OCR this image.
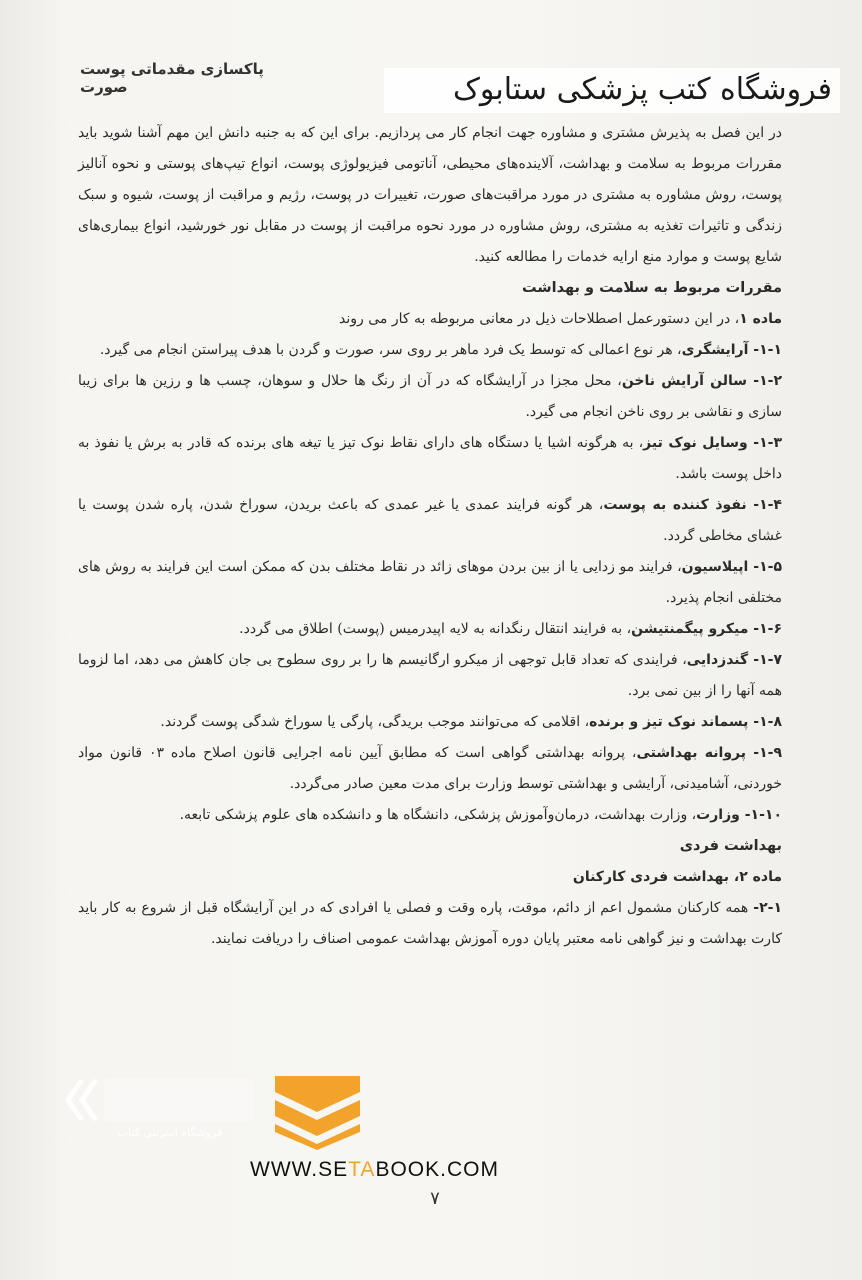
پاکسازی مقدماتی پوست صورت	فروشگاه کتب پزشکی ستابوک

در این فصل به پذیرش مشتری و مشاوره جهت انجام کار می پردازیم. برای این که به جنبه دانش این مهم آشنا شوید باید مقررات مربوط به سلامت و بهداشت، آلاینده‌های محیطی، آناتومی فیزیولوژی پوست، انواع تیپ‌های پوستی و نحوه آنالیز پوست، روش مشاوره به مشتری در مورد مراقبت‌های صورت، تغییرات در پوست، رژیم و مراقبت از پوست، شیوه و سبک زندگی و تاثیرات تغذیه به مشتری، روش مشاوره در مورد نحوه مراقبت از پوست در مقابل نور خورشید، انواع بیماری‌های شایع پوست و موارد منع ارایه خدمات را مطالعه کنید.

مقررات مربوط به سلامت و بهداشت

ماده ۱، در این دستورعمل اصطلاحات ذیل در معانی مربوطه به کار می روند

۱-۱- آرایشگری، هر نوع اعمالی که توسط یک فرد ماهر بر روی سر، صورت و گردن با هدف پیراستن انجام می گیرد.

۱-۲- سالن آرایش ناخن، محل مجزا در آرایشگاه که در آن از رنگ ها حلال و سوهان، چسب ها و رزین ها برای زیبا سازی و نقاشی بر روی ناخن انجام می گیرد.

۱-۳- وسایل نوک تیز، به هرگونه اشیا یا دستگاه های دارای نقاط نوک تیز یا تیغه های برنده که قادر به برش یا نفوذ به داخل پوست باشد.

۱-۴- نفوذ کننده به پوست، هر گونه فرایند عمدی یا غیر عمدی که باعث بریدن، سوراخ شدن، پاره شدن پوست یا غشای مخاطی گردد.

۱-۵- اپیلاسیون، فرایند مو زدایی یا از بین بردن موهای زائد در نقاط مختلف بدن که ممکن است این فرایند به روش های مختلفی انجام پذیرد.

۱-۶- میکرو پیگمنتیشن، به فرایند انتقال رنگدانه به لایه اپیدرمیس (پوست) اطلاق می گردد.

۱-۷- گندزدایی، فرایندی که تعداد قابل توجهی از میکرو ارگانیسم ها را بر روی سطوح بی جان کاهش می دهد، اما لزوما همه آنها را از بین نمی برد.

۱-۸- پسماند نوک تیز و برنده، اقلامی که می‌توانند موجب بریدگی، پارگی یا سوراخ شدگی پوست گردند.

۱-۹- پروانه بهداشتی، پروانه بهداشتی گواهی است که مطابق آیین نامه اجرایی قانون اصلاح ماده ۰۳ قانون مواد خوردنی، آشامیدنی، آرایشی و بهداشتی توسط وزارت برای مدت معین صادر می‌گردد.

۱-۱۰- وزارت، وزارت بهداشت، درمان‌وآموزش پزشکی، دانشگاه ها و دانشکده های علوم پزشکی تابعه.

بهداشت فردی

ماده ۲، بهداشت فردی کارکنان

۲-۱- همه کارکنان مشمول اعم از دائم، موقت، پاره وقت و فصلی یا افرادی که در این آرایشگاه قبل از شروع به کار باید کارت بهداشت و نیز گواهی نامه معتبر پایان دوره آموزش بهداشت عمومی اصناف را دریافت نمایند.

فروشگاه اینترنتی کتاب
WWW.SETABOOK.COM
۷
